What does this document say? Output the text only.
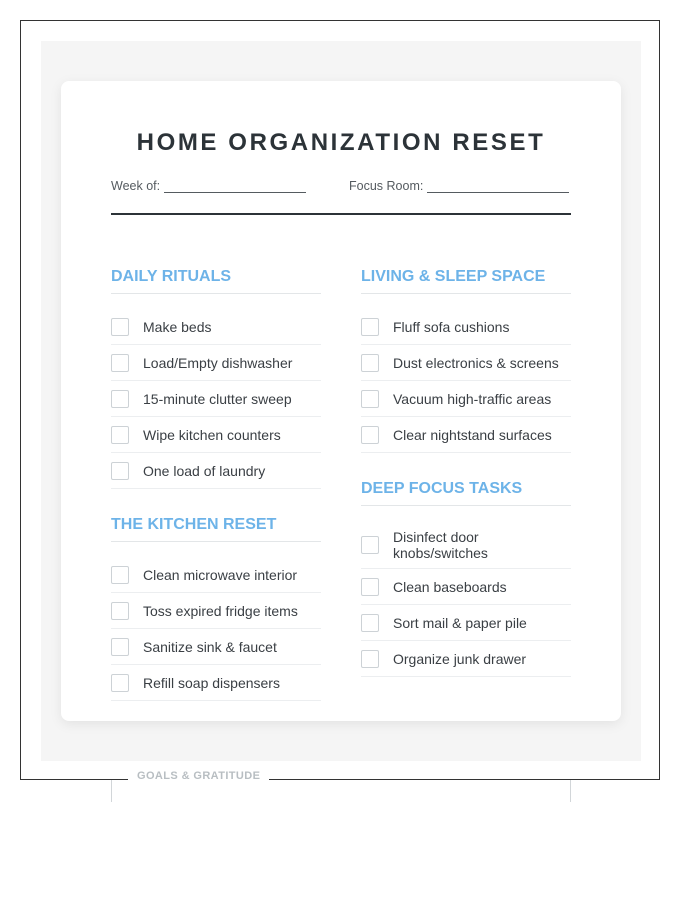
HOME ORGANIZATION RESET
Week of:	Focus Room:
DAILY RITUALS
Make beds
Load/Empty dishwasher
15-minute clutter sweep
Wipe kitchen counters
One load of laundry
THE KITCHEN RESET
Clean microwave interior
Toss expired fridge items
Sanitize sink & faucet
Refill soap dispensers
LIVING & SLEEP SPACE
Fluff sofa cushions
Dust electronics & screens
Vacuum high-traffic areas
Clear nightstand surfaces
DEEP FOCUS TASKS
Disinfect door knobs/switches
Clean baseboards
Sort mail & paper pile
Organize junk drawer
GOALS & GRATITUDE
